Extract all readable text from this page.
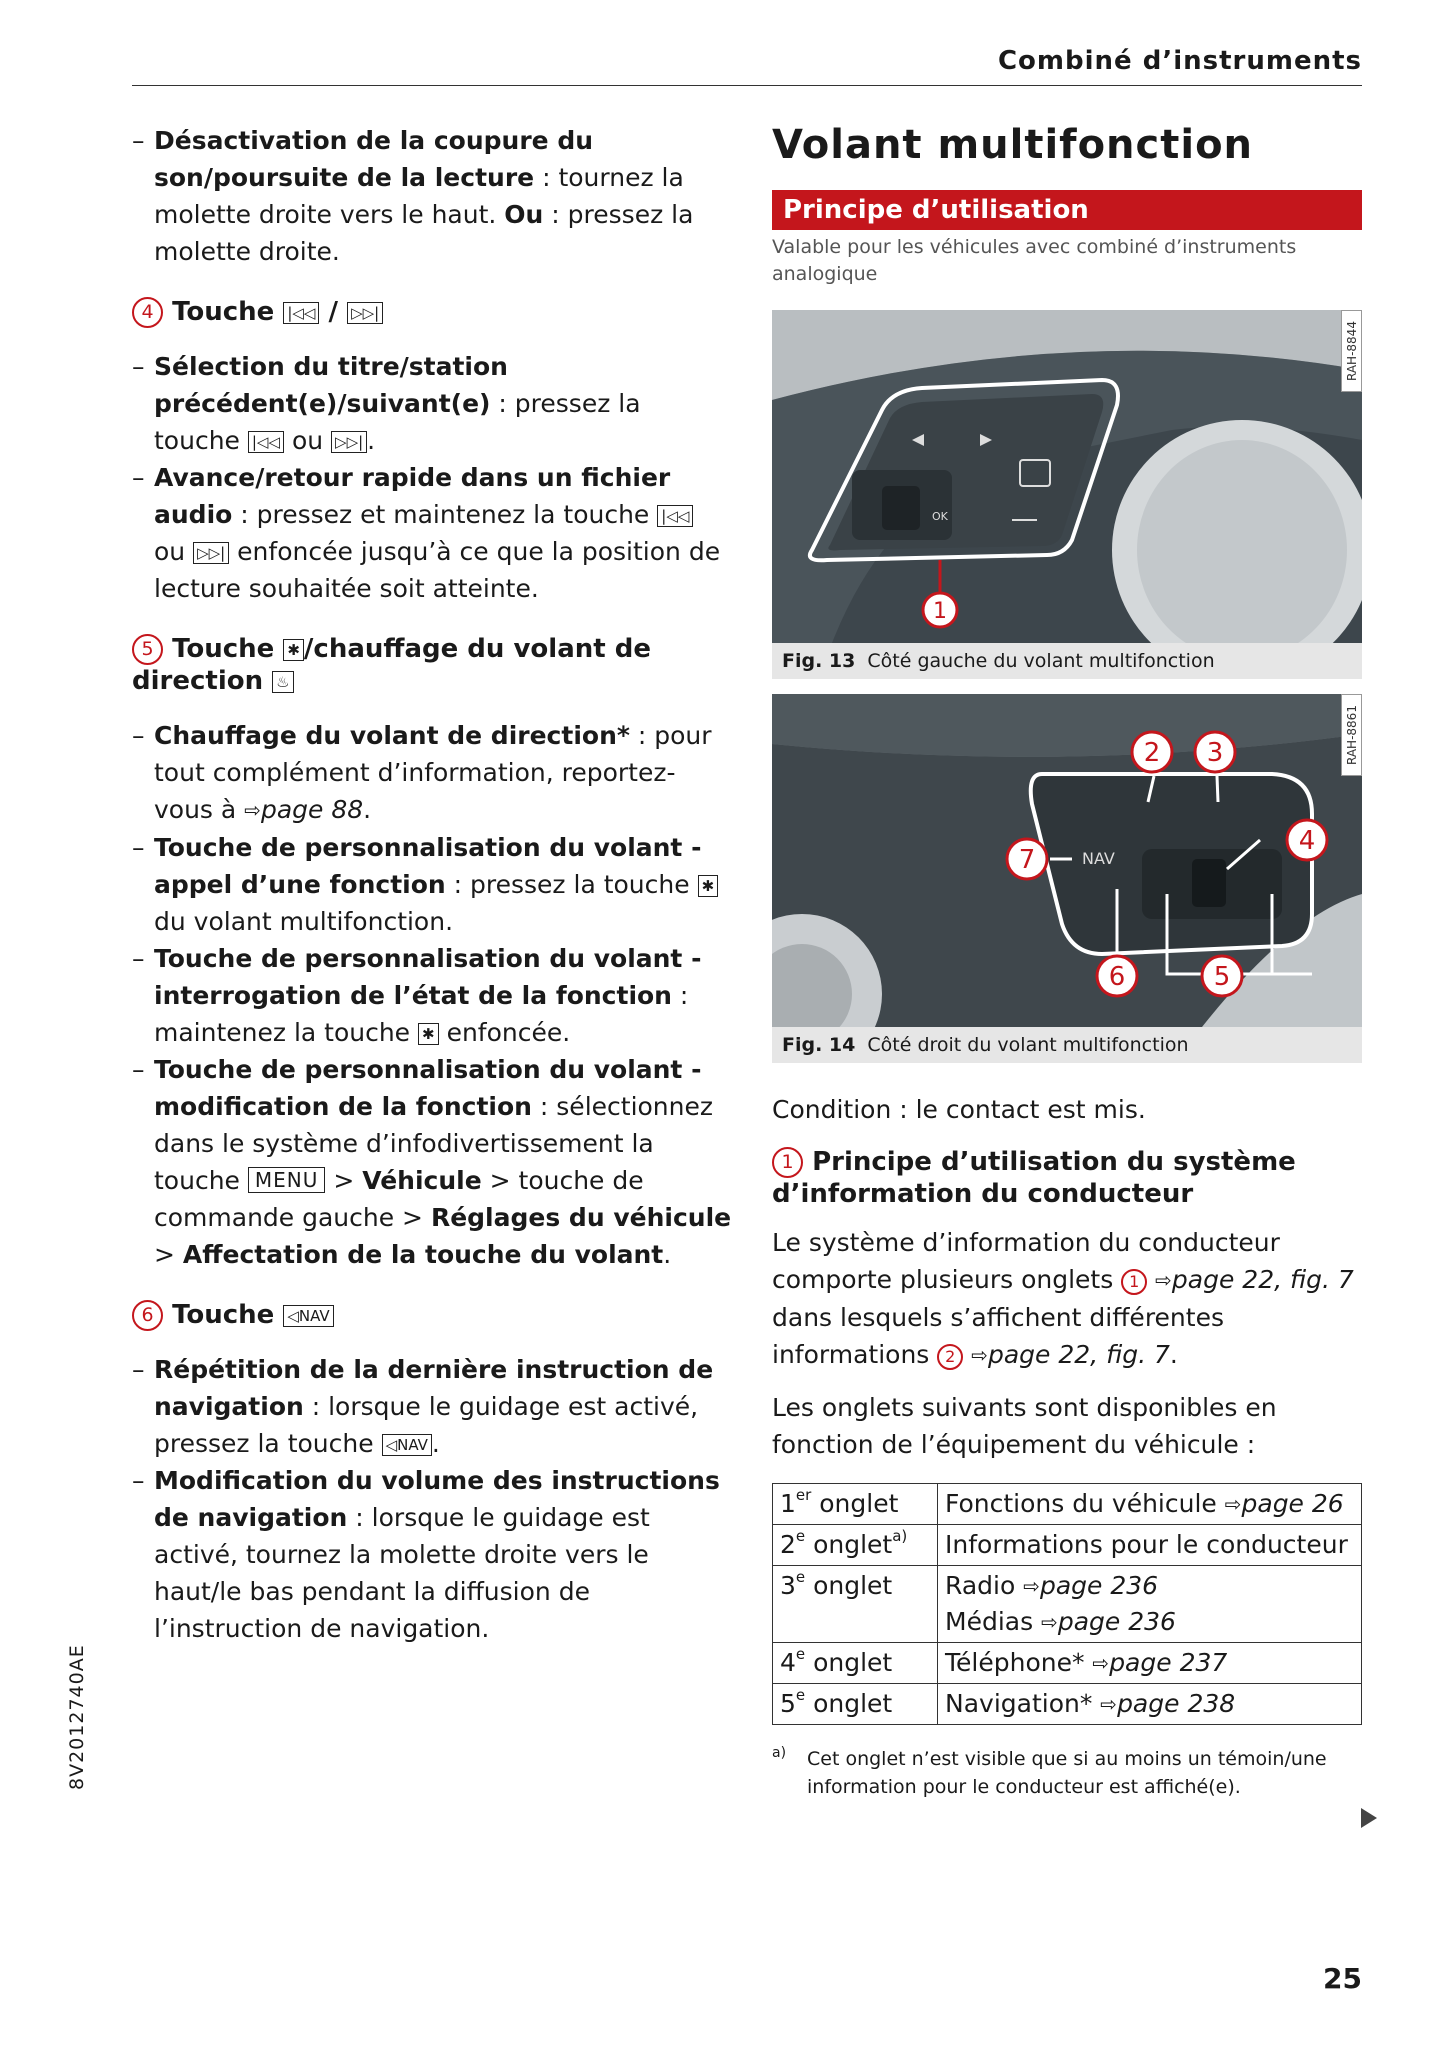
Combiné d’instruments

– Désactivation de la coupure du son/poursuite de la lecture : tournez la molette droite vers le haut. Ou : pressez la molette droite.

4 Touche |◁◁ / ▷▷|

– Sélection du titre/station précédent(e)/suivant(e) : pressez la touche |◁◁ ou ▷▷| .

– Avance/retour rapide dans un fichier audio : pressez et maintenez la touche |◁◁ ou ▷▷| enfoncée jusqu’à ce que la position de lecture souhaitée soit atteinte.

5 Touche ✱ /chauffage du volant de direction ♨

– Chauffage du volant de direction* : pour tout complément d’information, reportez-vous à ⇨page 88.

– Touche de personnalisation du volant - appel d’une fonction : pressez la touche ✱ du volant multifonction.

– Touche de personnalisation du volant - interrogation de l’état de la fonction : maintenez la touche ✱ enfoncée.

– Touche de personnalisation du volant - modification de la fonction : sélectionnez dans le système d’infodivertissement la touche MENU > Véhicule > touche de commande gauche > Réglages du véhicule > Affectation de la touche du volant.

6 Touche ◁NAV

– Répétition de la dernière instruction de navigation : lorsque le guidage est activé, pressez la touche ◁NAV .

– Modification du volume des instructions de navigation : lorsque le guidage est activé, tournez la molette droite vers le haut/le bas pendant la diffusion de l’instruction de navigation.

Volant multifonction
Principe d’utilisation
Valable pour les véhicules avec combiné d’instruments analogique
OK
1
RAH-8844
Fig. 13 Côté gauche du volant multifonction
NAV
2 3
4
5
6
7
RAH-8861
Fig. 14 Côté droit du volant multifonction
Condition : le contact est mis.
1 Principe d’utilisation du système d’information du conducteur

Le système d’information du conducteur comporte plusieurs onglets 1 ⇨page 22, fig. 7 dans lesquels s’affichent différentes informations 2 ⇨page 22, fig. 7.

Les onglets suivants sont disponibles en fonction de l’équipement du véhicule :

1er onglet	Fonctions du véhicule ⇨page 26
2e onglet$^{a)}$	Informations pour le conducteur
3e onglet	Radio ⇨page 236
Médias ⇨page 236
4e onglet	Téléphone* ⇨page 237
5e onglet	Navigation* ⇨page 238
a) Cet onglet n’est visible que si au moins un témoin/une information pour le conducteur est affiché(e).
8V2012740AE
25
